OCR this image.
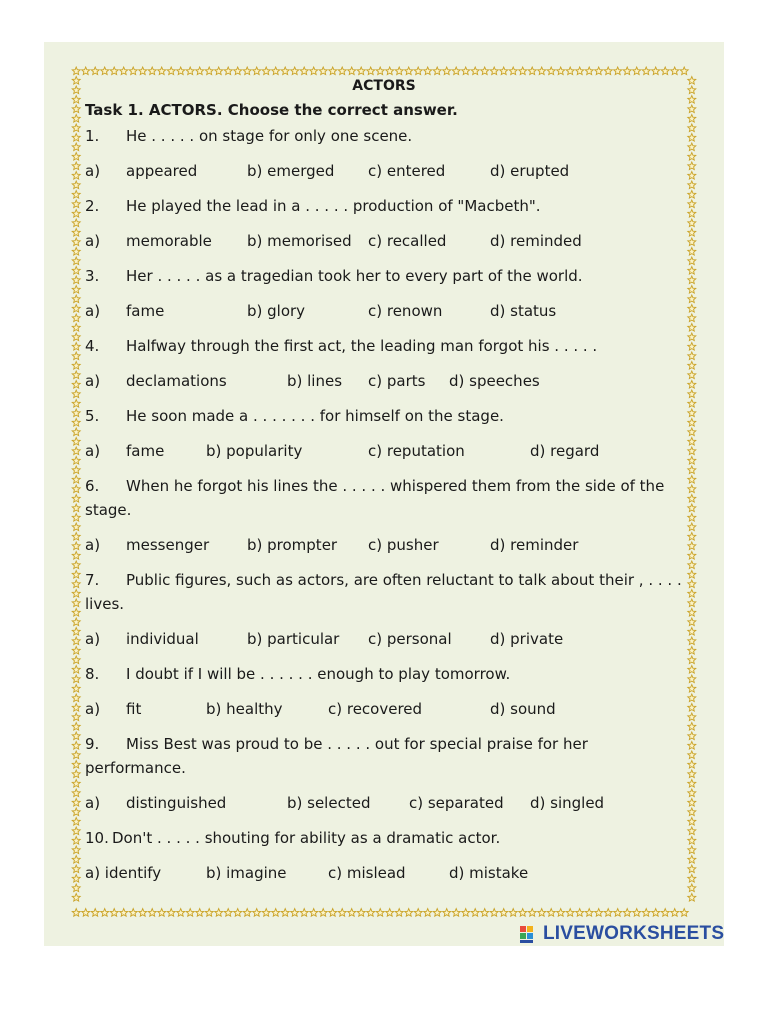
ACTORS
Task 1. ACTORS. Choose the correct answer.
1. He . . . . . on stage for only one scene.
a) appeared	b) emerged c) entered	d) erupted
2. He played the lead in a . . . . . production of "Macbeth".
a) memorable b) memorised c) recalled	d) reminded
3. Her . . . . . as a tragedian took her to every part of the world.
a) fame	b) glory	c) renown	d) status
4. Halfway through the first act, the leading man forgot his . . . . .
a) declamations	b) lines c) parts d) speeches
5. He soon made a . . . . . . . for himself on the stage.
a) fame	b) popularity	c) reputation	d) regard
6. When he forgot his lines the . . . . . whispered them from the side of the
stage.
a) messenger	b) prompter c) pusher	d) reminder
7. Public figures, such as actors, are often reluctant to talk about their , . . . .
lives.
a) individual	b) particular c) personal	d) private
8. I doubt if I will be . . . . . . enough to play tomorrow.
a) fit	b) healthy	c) recovered	d) sound
9. Miss Best was proud to be . . . . . out for special praise for her
performance.
a) distinguished	b) selected	c) separated d) singled
10. Don't . . . . . shouting for ability as a dramatic actor.
a) identify	b) imagine	c) mislead	d) mistake
LIVEWORKSHEETS
